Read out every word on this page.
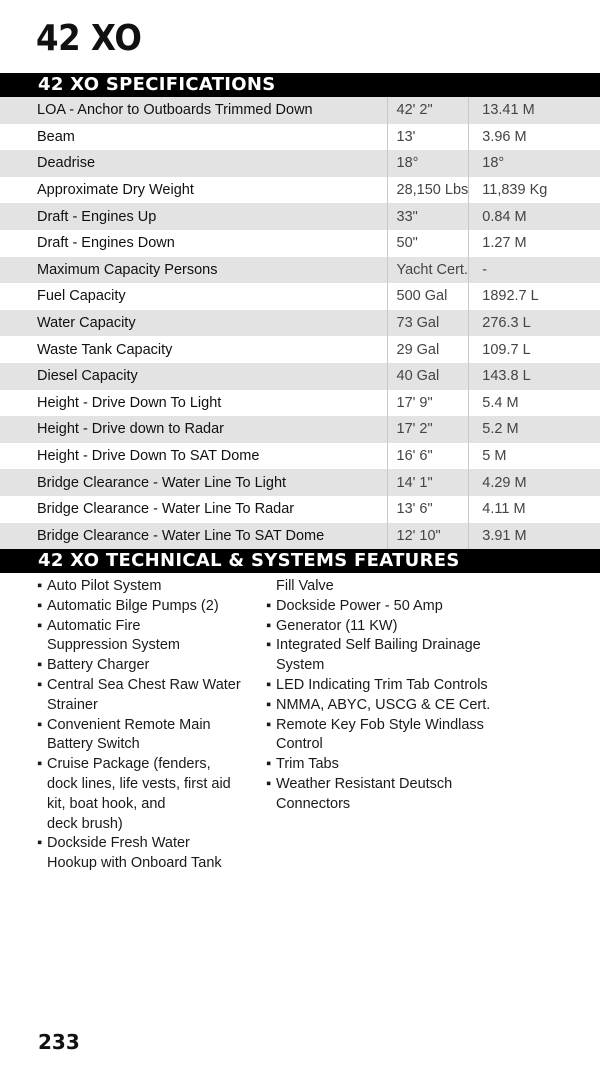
42 XO
42 XO SPECIFICATIONS
LOA - Anchor to Outboards Trimmed Down	42' 2"	13.41 M
Beam	13'	3.96 M
Deadrise	18°	18°
Approximate Dry Weight	28,150 Lbs	11,839 Kg
Draft - Engines Up	33"	0.84 M
Draft - Engines Down	50"	1.27 M
Maximum Capacity Persons	Yacht Cert.	-
Fuel Capacity	500 Gal	1892.7 L
Water Capacity	73 Gal	276.3 L
Waste Tank Capacity	29 Gal	109.7 L
Diesel Capacity	40 Gal	143.8 L
Height - Drive Down To Light	17' 9"	5.4 M
Height - Drive down to Radar	17' 2"	5.2 M
Height - Drive Down To SAT Dome	16' 6"	5 M
Bridge Clearance - Water Line To Light	14' 1"	4.29 M
Bridge Clearance - Water Line To Radar	13' 6"	4.11 M
Bridge Clearance - Water Line To SAT Dome	12' 10"	3.91 M
42 XO TECHNICAL & SYSTEMS FEATURES

▪ Auto Pilot System

▪ Automatic Bilge Pumps (2)

▪ Automatic Fire

Suppression System

▪ Battery Charger

▪ Central Sea Chest Raw Water

Strainer

▪ Convenient Remote Main

Battery Switch

▪ Cruise Package (fenders,

dock lines, life vests, first aid

kit, boat hook, and

deck brush)

▪ Dockside Fresh Water

Hookup with Onboard Tank

Fill Valve

▪ Dockside Power - 50 Amp

▪ Generator (11 KW)

▪ Integrated Self Bailing Drainage

System

▪ LED Indicating Trim Tab Controls

▪ NMMA, ABYC, USCG & CE Cert.

▪ Remote Key Fob Style Windlass

Control

▪ Trim Tabs

▪ Weather Resistant Deutsch

Connectors

233
